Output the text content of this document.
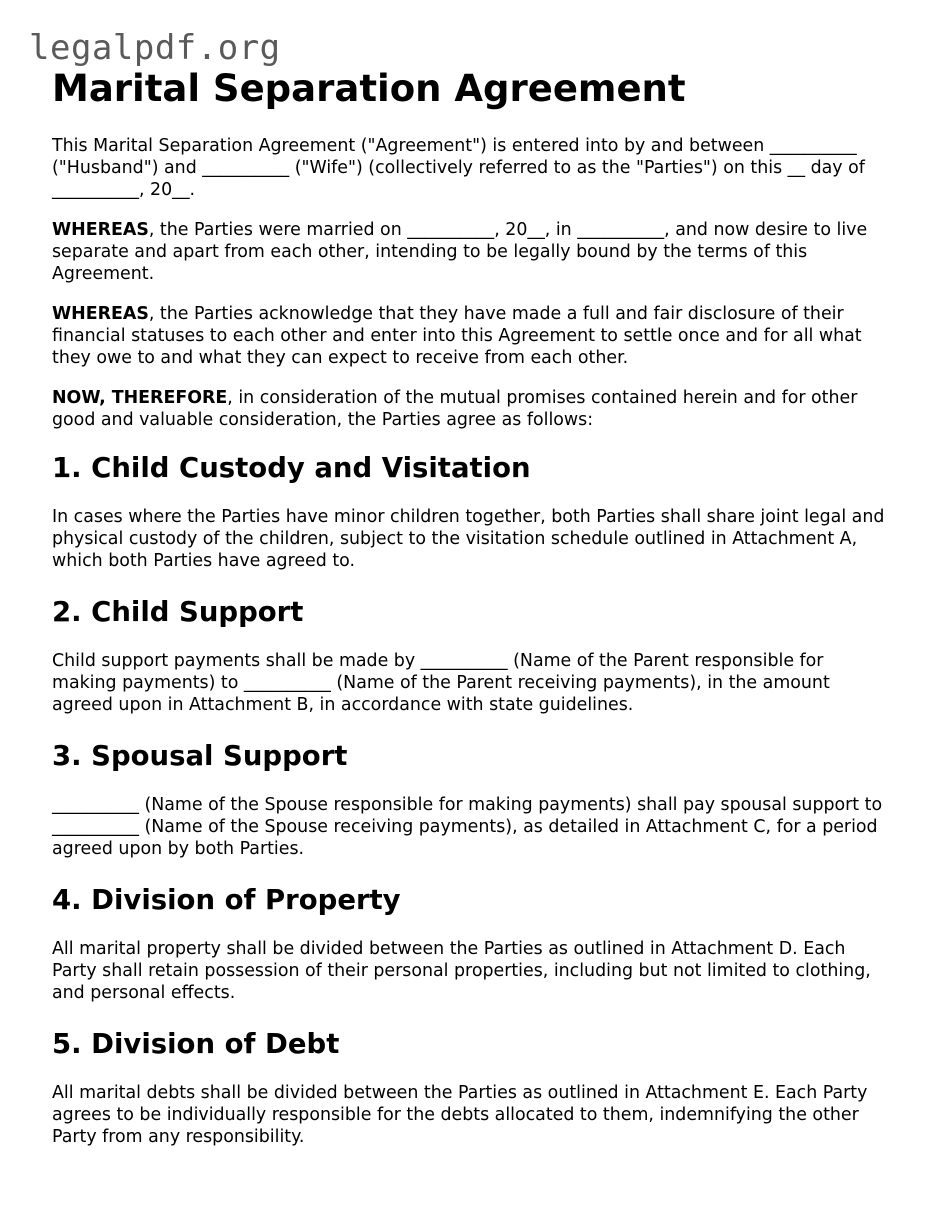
legalpdf.org
Marital Separation Agreement

This Marital Separation Agreement ("Agreement") is entered into by and between __________ ("Husband") and __________ ("Wife") (collectively referred to as the "Parties") on this __ day of __________, 20__.

WHEREAS, the Parties were married on __________, 20__, in __________, and now desire to live separate and apart from each other, intending to be legally bound by the terms of this Agreement.

WHEREAS, the Parties acknowledge that they have made a full and fair disclosure of their financial statuses to each other and enter into this Agreement to settle once and for all what they owe to and what they can expect to receive from each other.

NOW, THEREFORE, in consideration of the mutual promises contained herein and for other good and valuable consideration, the Parties agree as follows:

1. Child Custody and Visitation

In cases where the Parties have minor children together, both Parties shall share joint legal and physical custody of the children, subject to the visitation schedule outlined in Attachment A, which both Parties have agreed to.

2. Child Support

Child support payments shall be made by __________ (Name of the Parent responsible for making payments) to __________ (Name of the Parent receiving payments), in the amount agreed upon in Attachment B, in accordance with state guidelines.

3. Spousal Support

__________ (Name of the Spouse responsible for making payments) shall pay spousal support to __________ (Name of the Spouse receiving payments), as detailed in Attachment C, for a period agreed upon by both Parties.

4. Division of Property

All marital property shall be divided between the Parties as outlined in Attachment D. Each Party shall retain possession of their personal properties, including but not limited to clothing, and personal effects.

5. Division of Debt

All marital debts shall be divided between the Parties as outlined in Attachment E. Each Party agrees to be individually responsible for the debts allocated to them, indemnifying the other Party from any responsibility.
